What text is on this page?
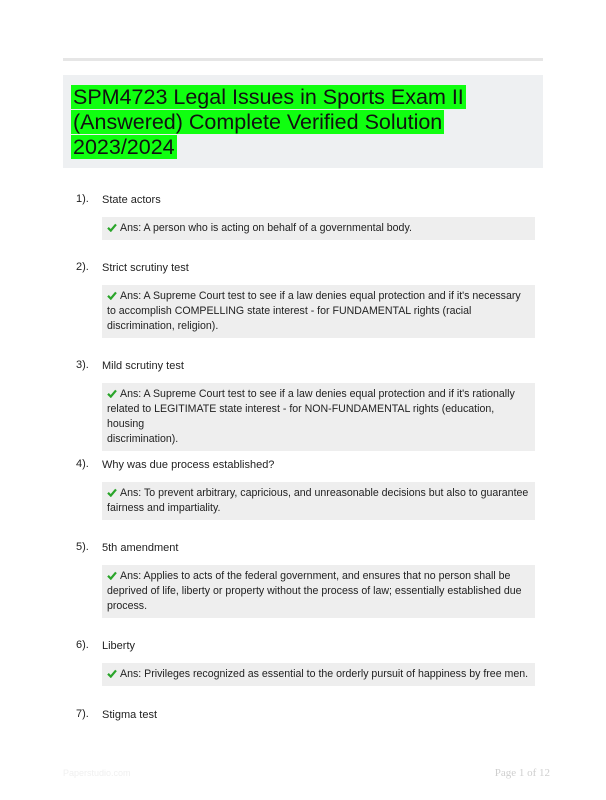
SPM4723 Legal Issues in Sports Exam II
(Answered) Complete Verified Solution
2023/2024
1). State actors
Ans: A person who is acting on behalf of a governmental body.
2). Strict scrutiny test
Ans: A Supreme Court test to see if a law denies equal protection and if it's necessary
to accomplish COMPELLING state interest - for FUNDAMENTAL rights (racial
discrimination, religion).
3). Mild scrutiny test
Ans: A Supreme Court test to see if a law denies equal protection and if it's rationally
related to LEGITIMATE state interest - for NON-FUNDAMENTAL rights (education, housing
discrimination).
4). Why was due process established?
Ans: To prevent arbitrary, capricious, and unreasonable decisions but also to guarantee
fairness and impartiality.
5). 5th amendment
Ans: Applies to acts of the federal government, and ensures that no person shall be
deprived of life, liberty or property without the process of law; essentially established due
process.
6). Liberty
Ans: Privileges recognized as essential to the orderly pursuit of happiness by free men.
7). Stigma test
Paperstudio.com	Page 1 of 12
